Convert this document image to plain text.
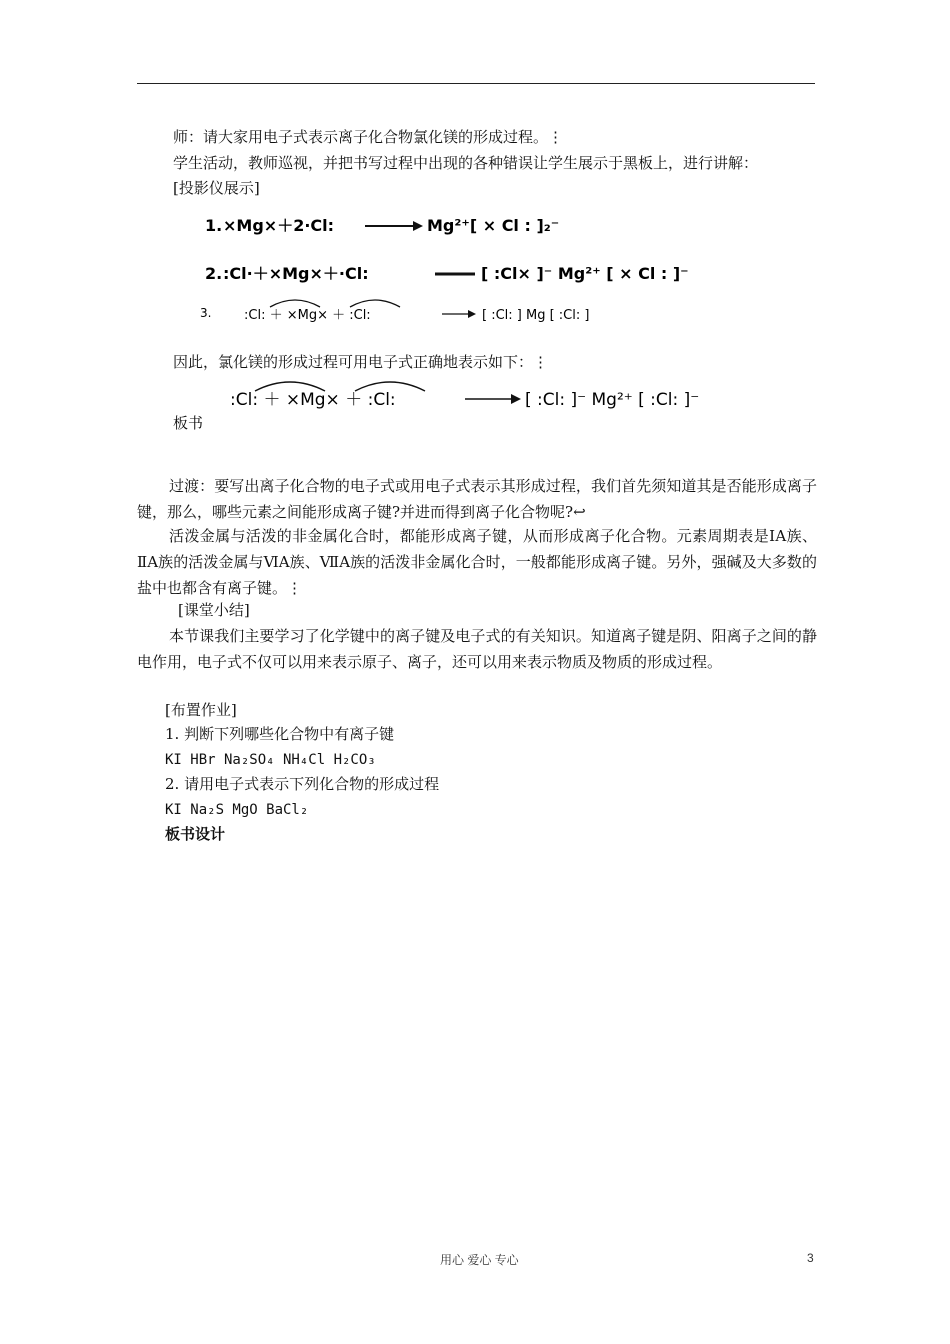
师：请大家用电子式表示离子化合物氯化镁的形成过程。⋮
学生活动，教师巡视，并把书写过程中出现的各种错误让学生展示于黑板上，进行讲解：
[投影仪展示]
1. ×Mg×＋2·Cl:	Mg²⁺[ × Cl : ]₂⁻
2. :Cl·＋×Mg×＋·Cl:	[ :Cl× ]⁻ Mg²⁺ [ × Cl : ]⁻
3.	:Cl: ＋ ×Mg× ＋ :Cl:	[ :Cl: ] Mg [ :Cl: ]
因此，氯化镁的形成过程可用电子式正确地表示如下：⋮
:Cl: ＋ ×Mg× ＋ :Cl:	[ :Cl: ]⁻ Mg²⁺ [ :Cl: ]⁻
板书
过渡：要写出离子化合物的电子式或用电子式表示其形成过程，我们首先须知道其是否能形成离子键，那么，哪些元素之间能形成离子键?并进而得到离子化合物呢?↩
活泼金属与活泼的非金属化合时，都能形成离子键，从而形成离子化合物。元素周期表是ⅠA族、ⅡA族的活泼金属与ⅥA族、ⅦA族的活泼非金属化合时，一般都能形成离子键。另外，强碱及大多数的盐中也都含有离子键。⋮
[课堂小结]
本节课我们主要学习了化学键中的离子键及电子式的有关知识。知道离子键是阴、阳离子之间的静电作用，电子式不仅可以用来表示原子、离子，还可以用来表示物质及物质的形成过程。
[布置作业]
1. 判断下列哪些化合物中有离子键
KI HBr Na₂SO₄ NH₄Cl H₂CO₃
2. 请用电子式表示下列化合物的形成过程
KI Na₂S MgO BaCl₂
板书设计
用心 爱心 专心	3
